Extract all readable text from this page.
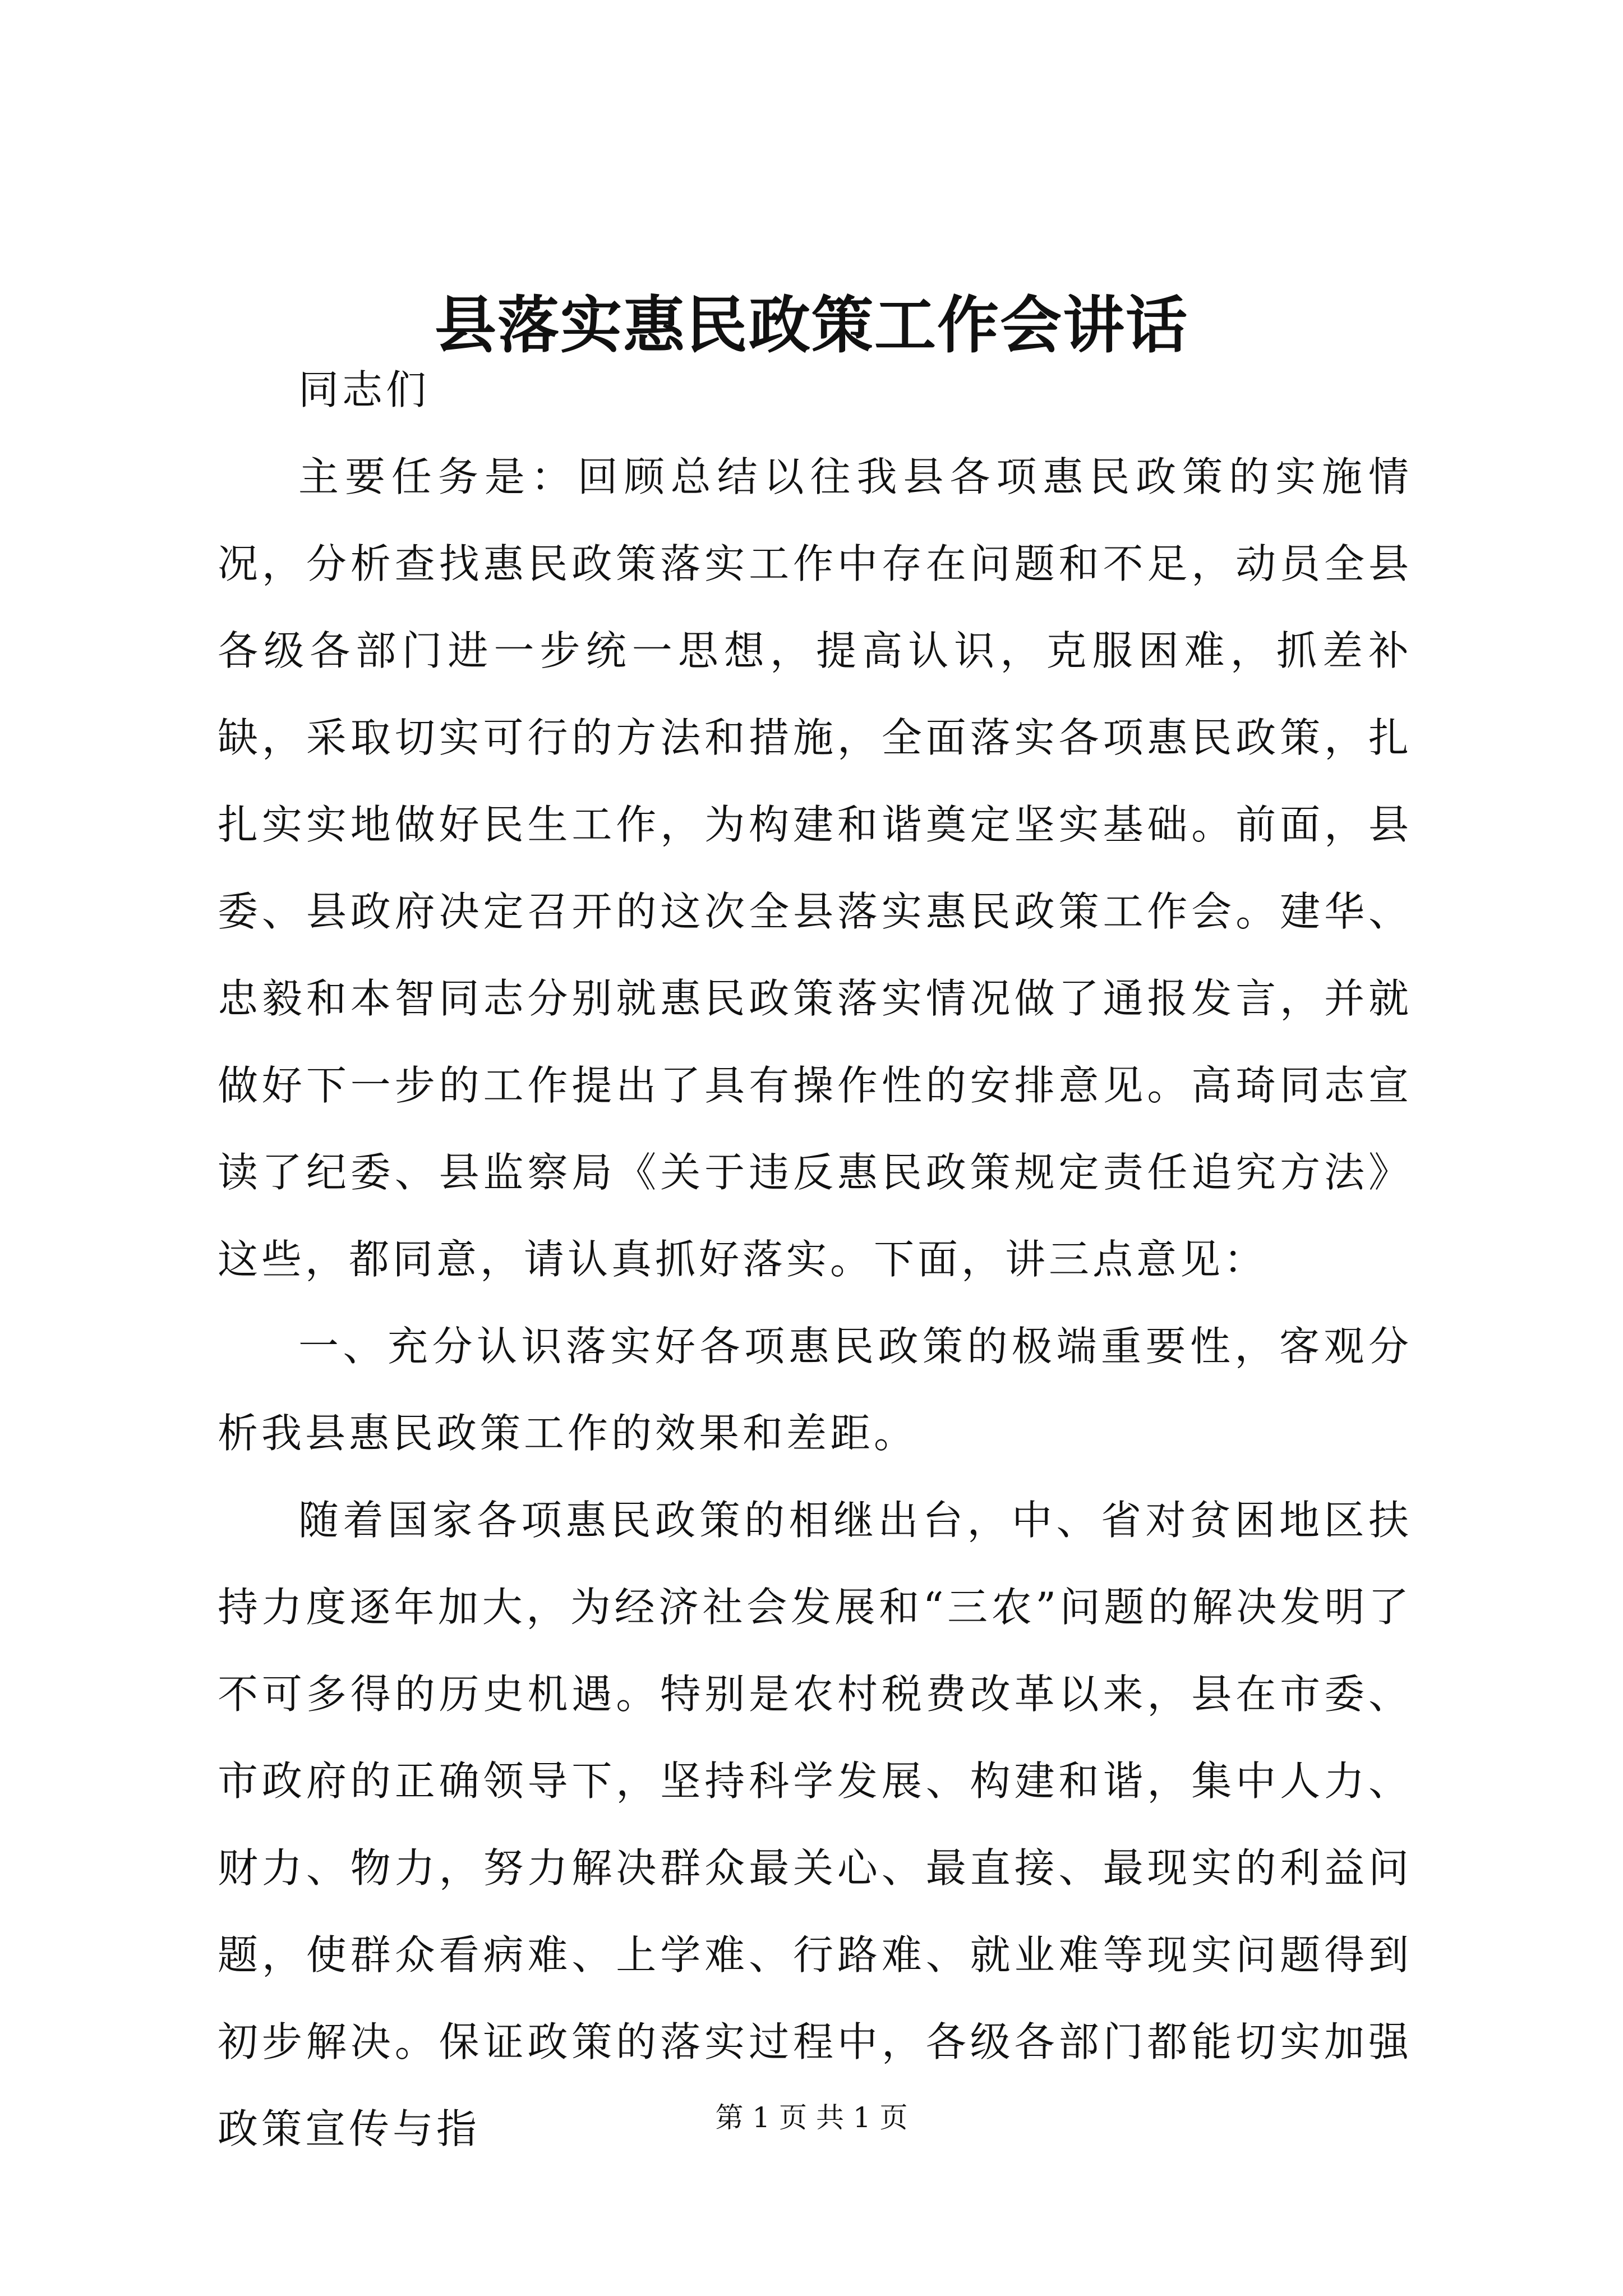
县落实惠民政策工作会讲话

同志们

主要任务是：回顾总结以往我县各项惠民政策的实施情况，分析查找惠民政策落实工作中存在问题和不足，动员全县各级各部门进一步统一思想，提高认识，克服困难，抓差补缺，采取切实可行的方法和措施，全面落实各项惠民政策，扎扎实实地做好民生工作，为构建和谐奠定坚实基础。前面，县委、县政府决定召开的这次全县落实惠民政策工作会。建华、忠毅和本智同志分别就惠民政策落实情况做了通报发言，并就做好下一步的工作提出了具有操作性的安排意见。高琦同志宣读了纪委、县监察局《关于违反惠民政策规定责任追究方法》这些，都同意，请认真抓好落实。下面，讲三点意见：

一、充分认识落实好各项惠民政策的极端重要性，客观分析我县惠民政策工作的效果和差距。

随着国家各项惠民政策的相继出台，中、省对贫困地区扶持力度逐年加大，为经济社会发展和“三农”问题的解决发明了不可多得的历史机遇。特别是农村税费改革以来，县在市委、市政府的正确领导下，坚持科学发展、构建和谐，集中人力、财力、物力，努力解决群众最关心、最直接、最现实的利益问题，使群众看病难、上学难、行路难、就业难等现实问题得到初步解决。保证政策的落实过程中，各级各部门都能切实加强政策宣传与指	第 1 页 共 1 页
